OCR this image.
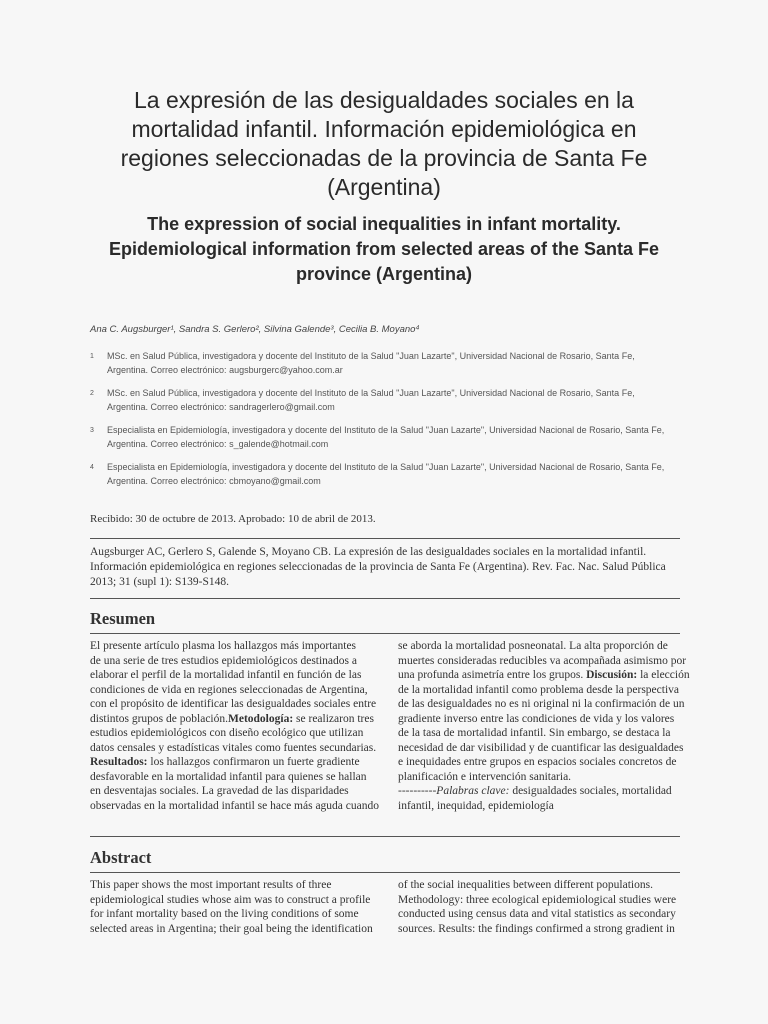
La expresión de las desigualdades sociales en la
mortalidad infantil. Información epidemiológica en
regiones seleccionadas de la provincia de Santa Fe
(Argentina)
The expression of social inequalities in infant mortality.
Epidemiological information from selected areas of the Santa Fe
province (Argentina)
Ana C. Augsburger¹, Sandra S. Gerlero², Silvina Galende³, Cecilia B. Moyano⁴
1	MSc. en Salud Pública, investigadora y docente del Instituto de la Salud "Juan Lazarte", Universidad Nacional de Rosario, Santa Fe,
Argentina. Correo electrónico: augsburgerc@yahoo.com.ar
2	MSc. en Salud Pública, investigadora y docente del Instituto de la Salud "Juan Lazarte", Universidad Nacional de Rosario, Santa Fe,
Argentina. Correo electrónico: sandragerlero@gmail.com
3	Especialista en Epidemiología, investigadora y docente del Instituto de la Salud "Juan Lazarte", Universidad Nacional de Rosario, Santa Fe,
Argentina. Correo electrónico: s_galende@hotmail.com
4	Especialista en Epidemiología, investigadora y docente del Instituto de la Salud "Juan Lazarte", Universidad Nacional de Rosario, Santa Fe,
Argentina. Correo electrónico: cbmoyano@gmail.com
Recibido: 30 de octubre de 2013. Aprobado: 10 de abril de 2013.
Augsburger AC, Gerlero S, Galende S, Moyano CB. La expresión de las desigualdades sociales en la mortalidad infantil.
Información epidemiológica en regiones seleccionadas de la provincia de Santa Fe (Argentina). Rev. Fac. Nac. Salud Pública
2013; 31 (supl 1): S139-S148.
Resumen
El presente artículo plasma los hallazgos más importantes
de una serie de tres estudios epidemiológicos destinados a
elaborar el perfil de la mortalidad infantil en función de las
condiciones de vida en regiones seleccionadas de Argentina,
con el propósito de identificar las desigualdades sociales entre
distintos grupos de población.Metodología: se realizaron tres
estudios epidemiológicos con diseño ecológico que utilizan
datos censales y estadísticas vitales como fuentes secundarias.
Resultados: los hallazgos confirmaron un fuerte gradiente
desfavorable en la mortalidad infantil para quienes se hallan
en desventajas sociales. La gravedad de las disparidades
observadas en la mortalidad infantil se hace más aguda cuando
se aborda la mortalidad posneonatal. La alta proporción de
muertes consideradas reducibles va acompañada asimismo por
una profunda asimetría entre los grupos. Discusión: la elección
de la mortalidad infantil como problema desde la perspectiva
de las desigualdades no es ni original ni la confirmación de un
gradiente inverso entre las condiciones de vida y los valores
de la tasa de mortalidad infantil. Sin embargo, se destaca la
necesidad de dar visibilidad y de cuantificar las desigualdades
e inequidades entre grupos en espacios sociales concretos de
planificación e intervención sanitaria.
----------Palabras clave: desigualdades sociales, mortalidad
infantil, inequidad, epidemiología
Abstract
This paper shows the most important results of three
epidemiological studies whose aim was to construct a profile
for infant mortality based on the living conditions of some
selected areas in Argentina; their goal being the identification
of the social inequalities between different populations.
Methodology: three ecological epidemiological studies were
conducted using census data and vital statistics as secondary
sources. Results: the findings confirmed a strong gradient in
